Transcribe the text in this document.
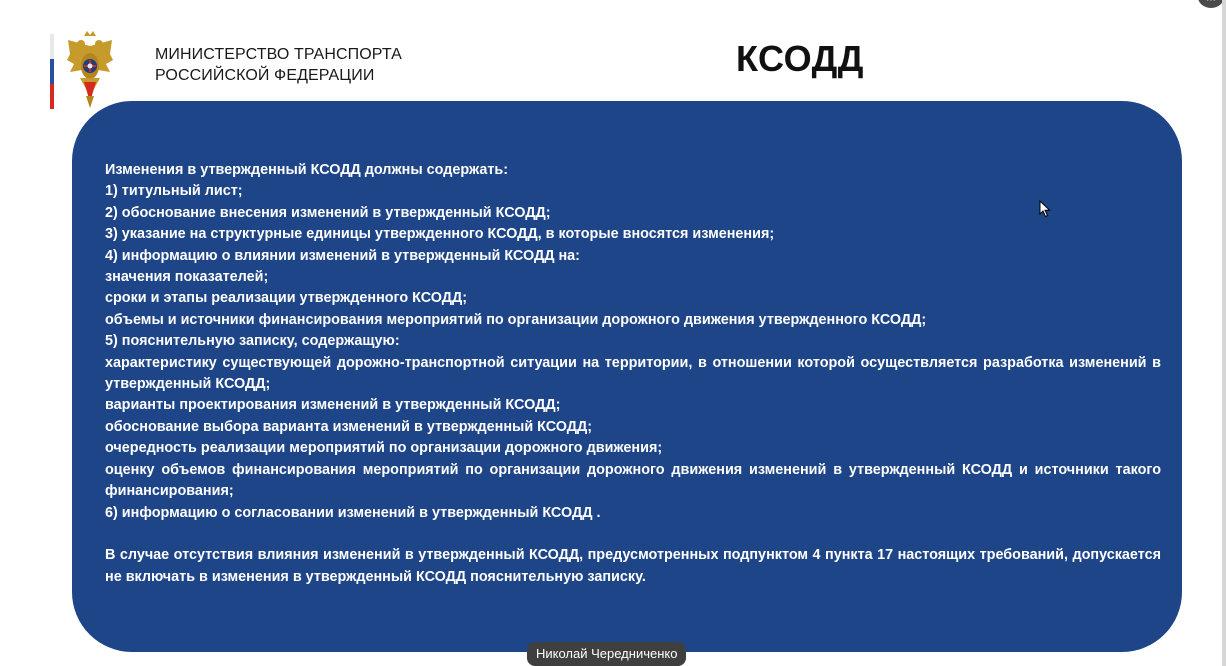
МИНИСТЕРСТВО ТРАНСПОРТА
РОССИЙСКОЙ ФЕДЕРАЦИИ	КСОДД
Изменения в утвержденный КСОДД должны содержать:
1) титульный лист;
2) обоснование внесения изменений в утвержденный КСОДД;
3) указание на структурные единицы утвержденного КСОДД, в которые вносятся изменения;
4) информацию о влиянии изменений в утвержденный КСОДД на:
значения показателей;
сроки и этапы реализации утвержденного КСОДД;
объемы и источники финансирования мероприятий по организации дорожного движения утвержденного КСОДД;
5) пояснительную записку, содержащую:
характеристику существующей дорожно-транспортной ситуации на территории, в отношении которой осуществляется разработка изменений в утвержденный КСОДД;
варианты проектирования изменений в утвержденный КСОДД;
обоснование выбора варианта изменений в утвержденный КСОДД;
очередность реализации мероприятий по организации дорожного движения;
оценку объемов финансирования мероприятий по организации дорожного движения изменений в утвержденный КСОДД и источники такого финансирования;
6) информацию о согласовании изменений в утвержденный КСОДД .
В случае отсутствия влияния изменений в утвержденный КСОДД, предусмотренных подпунктом 4 пункта 17 настоящих требований, допускается не включать в изменения в утвержденный КСОДД пояснительную записку.
Николай Чередниченко
⋯
